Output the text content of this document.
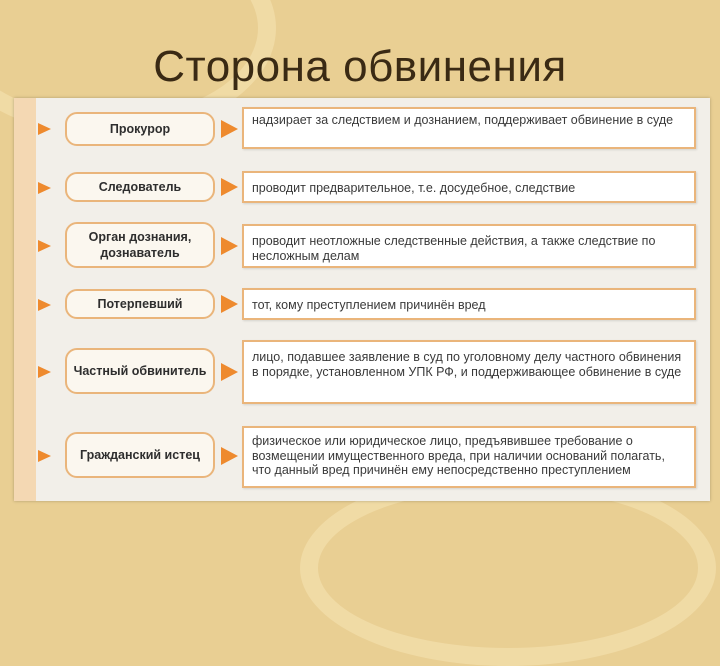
Сторона обвинения
Прокурор
надзирает за следствием и дознанием, поддерживает обвинение в суде
Следователь	проводит предварительное, т.е. досудебное, следствие
Орган дознания, дознаватель
проводит неотложные следственные действия, а также следствие по несложным делам
Потерпевший	тот, кому преступлением причинён вред
Частный обвинитель
лицо, подавшее заявление в суд по уголовному делу частного обвинения в порядке, установленном УПК РФ, и поддерживающее обвинение в суде
Гражданский истец
физическое или юридическое лицо, предъявившее требование о возмещении имущественного вреда, при наличии оснований полагать, что данный вред причинён ему непосредственно преступлением
